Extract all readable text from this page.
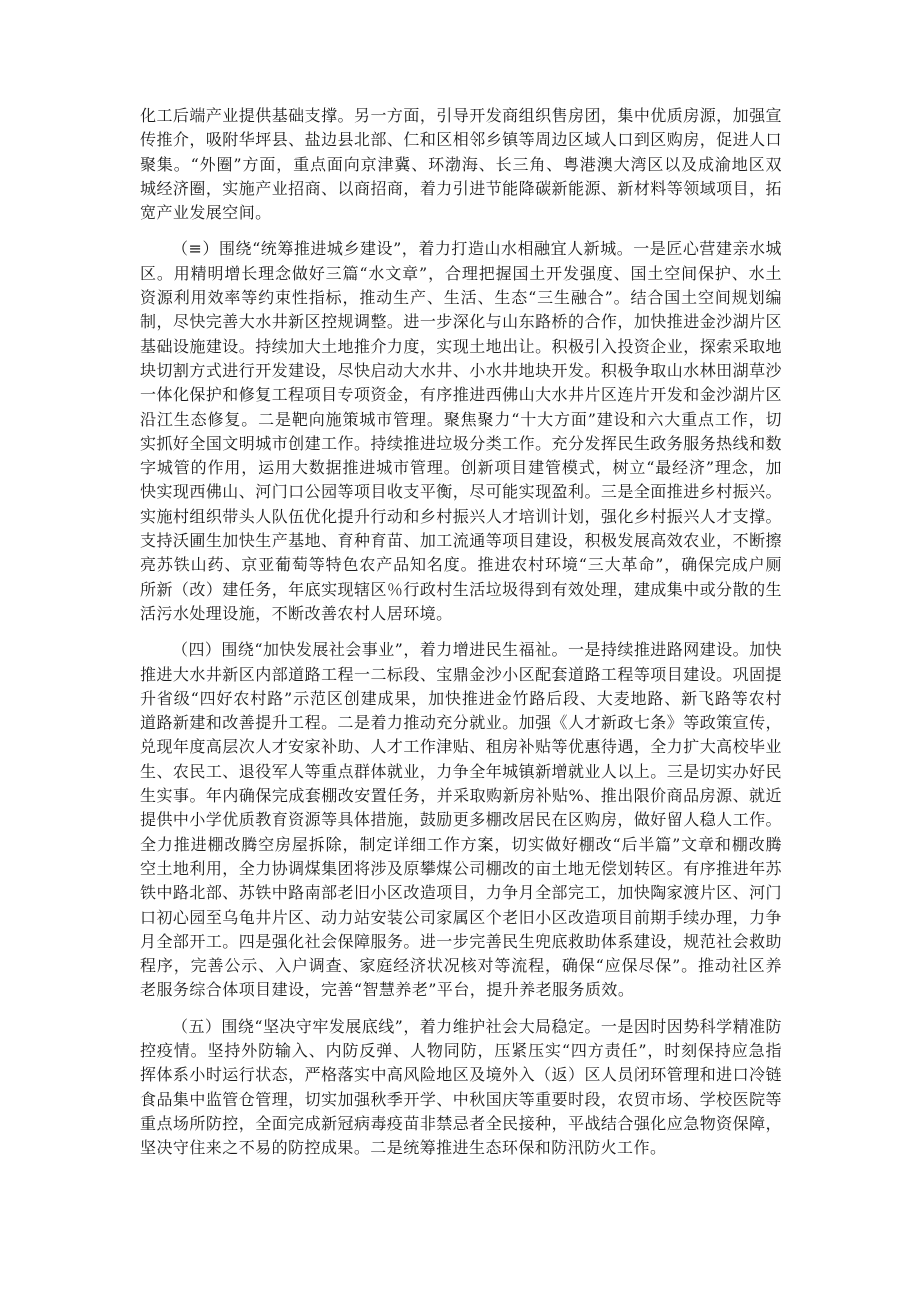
化工后端产业提供基础支撑。另一方面，引导开发商组织售房团，集中优质房源，加强宣传推介，吸附华坪县、盐边县北部、仁和区相邻乡镇等周边区域人口到区购房，促进人口聚集。“外圈”方面，重点面向京津冀、环渤海、长三角、粤港澳大湾区以及成渝地区双城经济圈，实施产业招商、以商招商，着力引进节能降碳新能源、新材料等领域项目，拓宽产业发展空间。

（≡）围绕“统筹推进城乡建设”，着力打造山水相融宜人新城。一是匠心营建亲水城区。用精明增长理念做好三篇“水文章”，合理把握国土开发强度、国土空间保护、水土资源利用效率等约束性指标，推动生产、生活、生态“三生融合”。结合国土空间规划编制，尽快完善大水井新区控规调整。进一步深化与山东路桥的合作，加快推进金沙湖片区基础设施建设。持续加大土地推介力度，实现土地出让。积极引入投资企业，探索采取地块切割方式进行开发建设，尽快启动大水井、小水井地块开发。积极争取山水林田湖草沙一体化保护和修复工程项目专项资金，有序推进西佛山大水井片区连片开发和金沙湖片区沿江生态修复。二是靶向施策城市管理。聚焦聚力“十大方面”建设和六大重点工作，切实抓好全国文明城市创建工作。持续推进垃圾分类工作。充分发挥民生政务服务热线和数字城管的作用，运用大数据推进城市管理。创新项目建管模式，树立“最经济”理念，加快实现西佛山、河门口公园等项目收支平衡，尽可能实现盈利。三是全面推进乡村振兴。实施村组织带头人队伍优化提升行动和乡村振兴人才培训计划，强化乡村振兴人才支撑。支持沃圃生加快生产基地、育种育苗、加工流通等项目建设，积极发展高效农业，不断擦亮苏铁山药、京亚葡萄等特色农产品知名度。推进农村环境“三大革命”，确保完成户厕所新（改）建任务，年底实现辖区％行政村生活垃圾得到有效处理，建成集中或分散的生活污水处理设施，不断改善农村人居环境。

（四）围绕“加快发展社会事业”，着力增进民生福祉。一是持续推进路网建设。加快推进大水井新区内部道路工程一二标段、宝鼎金沙小区配套道路工程等项目建设。巩固提升省级“四好农村路”示范区创建成果，加快推进金竹路后段、大麦地路、新飞路等农村道路新建和改善提升工程。二是着力推动充分就业。加强《人才新政七条》等政策宣传，兑现年度高层次人才安家补助、人才工作津贴、租房补贴等优惠待遇，全力扩大高校毕业生、农民工、退役军人等重点群体就业，力争全年城镇新增就业人以上。三是切实办好民生实事。年内确保完成套棚改安置任务，并采取购新房补贴%、推出限价商品房源、就近提供中小学优质教育资源等具体措施，鼓励更多棚改居民在区购房，做好留人稳人工作。全力推进棚改腾空房屋拆除，制定详细工作方案，切实做好棚改“后半篇”文章和棚改腾空土地利用，全力协调煤集团将涉及原攀煤公司棚改的亩土地无偿划转区。有序推进年苏铁中路北部、苏铁中路南部老旧小区改造项目，力争月全部完工，加快陶家渡片区、河门口初心园至乌龟井片区、动力站安装公司家属区个老旧小区改造项目前期手续办理，力争月全部开工。四是强化社会保障服务。进一步完善民生兜底救助体系建设，规范社会救助程序，完善公示、入户调查、家庭经济状况核对等流程，确保“应保尽保”。推动社区养老服务综合体项目建设，完善“智慧养老”平台，提升养老服务质效。

（五）围绕“坚决守牢发展底线”，着力维护社会大局稳定。一是因时因势科学精准防控疫情。坚持外防输入、内防反弹、人物同防，压紧压实“四方责任”，时刻保持应急指挥体系小时运行状态，严格落实中高风险地区及境外入（返）区人员闭环管理和进口冷链食品集中监管仓管理，切实加强秋季开学、中秋国庆等重要时段，农贸市场、学校医院等重点场所防控，全面完成新冠病毒疫苗非禁忌者全民接种，平战结合强化应急物资保障，坚决守住来之不易的防控成果。二是统筹推进生态环保和防汛防火工作。
